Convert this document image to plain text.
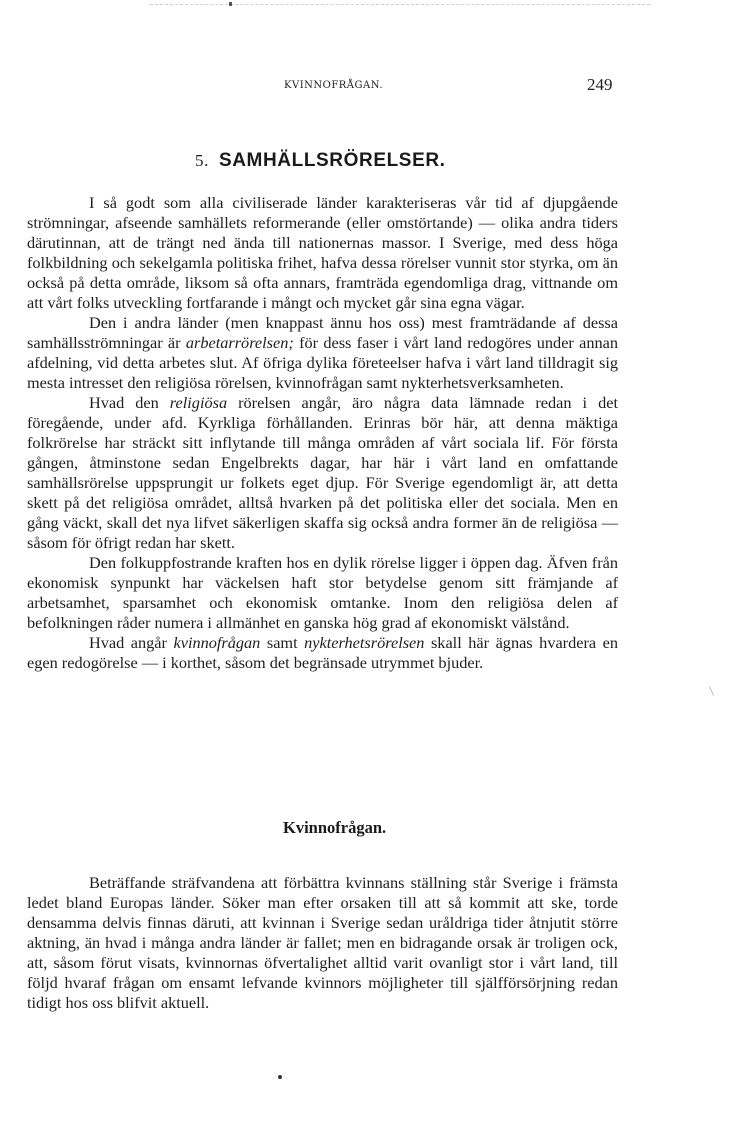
KVINNOFRÅGAN.	249
5. SAMHÄLLSRÖRELSER.

I så godt som alla civiliserade länder karakteriseras vår tid af djupgående strömningar, afseende samhällets reformerande (eller omstörtande) — olika andra tiders därutinnan, att de trängt ned ända till nationernas massor. I Sverige, med dess höga folkbildning och sekelgamla politiska frihet, hafva dessa rörelser vunnit stor styrka, om än också på detta område, liksom så ofta annars, framträda egendomliga drag, vittnande om att vårt folks utveckling fortfarande i mångt och mycket går sina egna vägar.

Den i andra länder (men knappast ännu hos oss) mest framträdande af dessa samhällsströmningar är arbetarrörelsen; för dess faser i vårt land redogöres under annan afdelning, vid detta arbetes slut. Af öfriga dylika företeelser hafva i vårt land tilldragit sig mesta intresset den religiösa rörelsen, kvinnofrågan samt nykterhetsverksamheten.

Hvad den religiösa rörelsen angår, äro några data lämnade redan i det föregående, under afd. Kyrkliga förhållanden. Erinras bör här, att denna mäktiga folkrörelse har sträckt sitt inflytande till många områden af vårt sociala lif. För första gången, åtminstone sedan Engelbrekts dagar, har här i vårt land en omfattande samhällsrörelse uppsprungit ur folkets eget djup. För Sverige egendomligt är, att detta skett på det religiösa området, alltså hvarken på det politiska eller det sociala. Men en gång väckt, skall det nya lifvet säkerligen skaffa sig också andra former än de religiösa — såsom för öfrigt redan har skett.

Den folkuppfostrande kraften hos en dylik rörelse ligger i öppen dag. Äfven från ekonomisk synpunkt har väckelsen haft stor betydelse genom sitt främjande af arbetsamhet, sparsamhet och ekonomisk omtanke. Inom den religiösa delen af befolkningen råder numera i allmänhet en ganska hög grad af ekonomiskt välstånd.

Hvad angår kvinnofrågan samt nykterhetsrörelsen skall här ägnas hvardera en egen redogörelse — i korthet, såsom det begränsade utrymmet bjuder.

Kvinnofrågan.

Beträffande sträfvandena att förbättra kvinnans ställning står Sverige i främsta ledet bland Europas länder. Söker man efter orsaken till att så kommit att ske, torde densamma delvis finnas däruti, att kvinnan i Sverige sedan uråldriga tider åtnjutit större aktning, än hvad i många andra länder är fallet; men en bidragande orsak är troligen ock, att, såsom förut visats, kvinnornas öfvertalighet alltid varit ovanligt stor i vårt land, till följd hvaraf frågan om ensamt lefvande kvinnors möjligheter till själfförsörjning redan tidigt hos oss blifvit aktuell.
